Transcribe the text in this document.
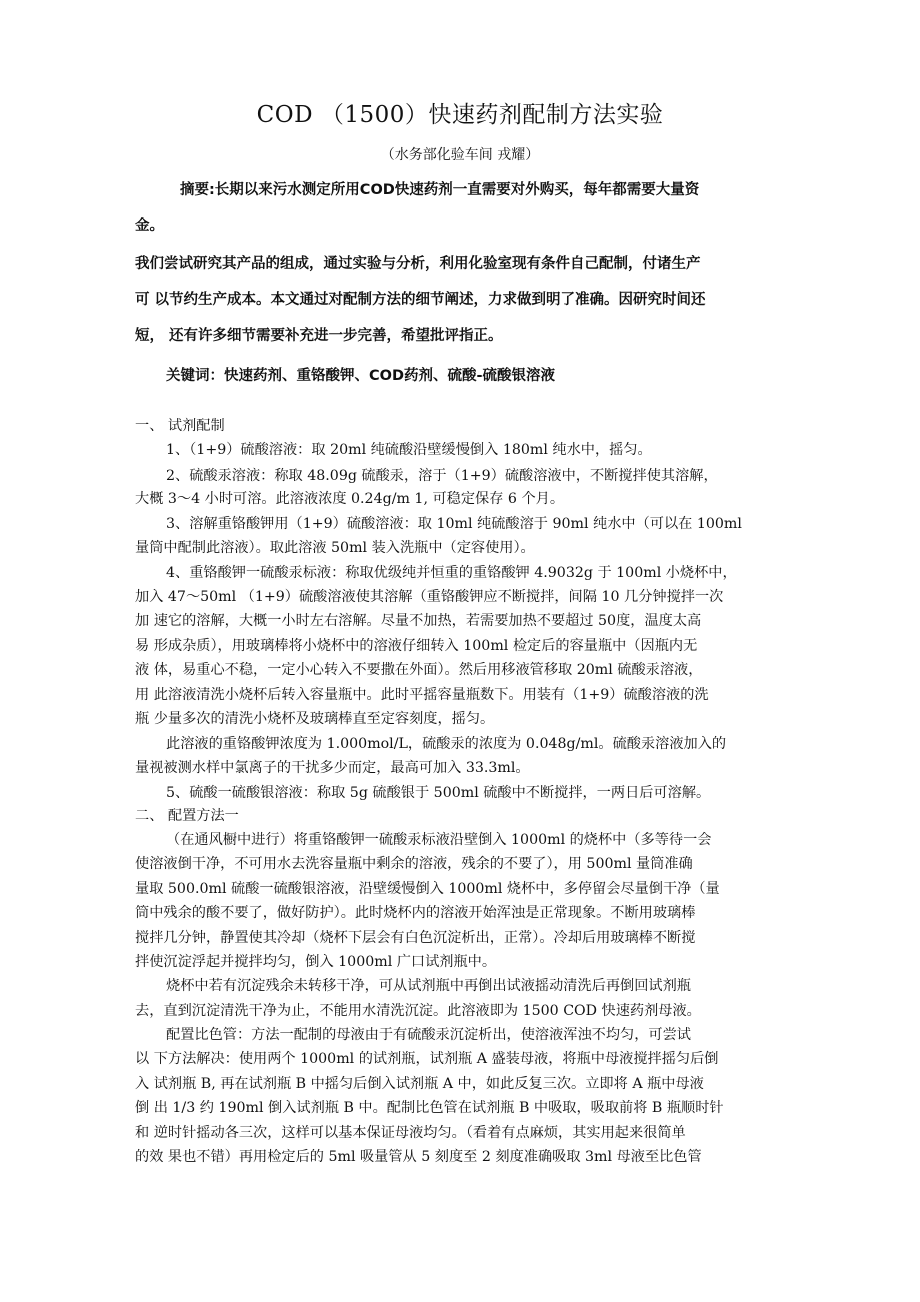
COD （1500）快速药剂配制方法实验
（水务部化验车间 戎耀）
摘要:长期以来污水测定所用COD快速药剂一直需要对外购买，每年都需要大量资
金。
我们尝试研究其产品的组成，通过实验与分析，利用化验室现有条件自己配制，付诸生产
可 以节约生产成本。本文通过对配制方法的细节阐述，力求做到明了准确。因研究时间还
短， 还有许多细节需要补充进一步完善，希望批评指正。
关键词：快速药剂、重铬酸钾、COD药剂、硫酸-硫酸银溶液
一、 试剂配制
1、（1+9）硫酸溶液：取 20ml 纯硫酸沿壁缓慢倒入 180ml 纯水中，摇匀。
2、硫酸汞溶液：称取 48.09g 硫酸汞，溶于（1+9）硫酸溶液中，不断搅拌使其溶解，
大概 3〜4 小时可溶。此溶液浓度 0.24g/m 1, 可稳定保存 6 个月。
3、溶解重铬酸钾用（1+9）硫酸溶液：取 10ml 纯硫酸溶于 90ml 纯水中（可以在 100ml
量筒中配制此溶液）。取此溶液 50ml 装入洗瓶中（定容使用）。
4、重铬酸钾一硫酸汞标液：称取优级纯并恒重的重铬酸钾 4.9032g 于 100ml 小烧杯中，
加入 47〜50ml （1+9）硫酸溶液使其溶解（重铬酸钾应不断搅拌，间隔 10 几分钟搅拌一次
加 速它的溶解，大概一小时左右溶解。尽量不加热，若需要加热不要超过 50度，温度太高
易 形成杂质），用玻璃棒将小烧杯中的溶液仔细转入 100ml 检定后的容量瓶中（因瓶内无
液 体，易重心不稳，一定小心转入不要撒在外面）。然后用移液管移取 20ml 硫酸汞溶液，
用 此溶液清洗小烧杯后转入容量瓶中。此时平摇容量瓶数下。用装有（1+9）硫酸溶液的洗
瓶 少量多次的清洗小烧杯及玻璃棒直至定容刻度，摇匀。
此溶液的重铬酸钾浓度为 1.000mol/L，硫酸汞的浓度为 0.048g/ml。硫酸汞溶液加入的
量视被测水样中氯离子的干扰多少而定，最高可加入 33.3ml。
5、硫酸一硫酸银溶液：称取 5g 硫酸银于 500ml 硫酸中不断搅拌，一两日后可溶解。
二、 配置方法一
（在通风橱中进行）将重铬酸钾一硫酸汞标液沿壁倒入 1000ml 的烧杯中（多等待一会
使溶液倒干净，不可用水去洗容量瓶中剩余的溶液，残余的不要了），用 500ml 量筒准确
量取 500.0ml 硫酸一硫酸银溶液，沿壁缓慢倒入 1000ml 烧杯中，多停留会尽量倒干净（量
筒中残余的酸不要了，做好防护）。此时烧杯内的溶液开始浑浊是正常现象。不断用玻璃棒
搅拌几分钟，静置使其冷却（烧杯下层会有白色沉淀析出，正常）。冷却后用玻璃棒不断搅
拌使沉淀浮起并搅拌均匀，倒入 1000ml 广口试剂瓶中。
烧杯中若有沉淀残余未转移干净，可从试剂瓶中再倒出试液摇动清洗后再倒回试剂瓶
去，直到沉淀清洗干净为止，不能用水清洗沉淀。此溶液即为 1500 COD 快速药剂母液。
配置比色管：方法一配制的母液由于有硫酸汞沉淀析出，使溶液浑浊不均匀，可尝试
以 下方法解决：使用两个 1000ml 的试剂瓶，试剂瓶 A 盛装母液，将瓶中母液搅拌摇匀后倒
入 试剂瓶 B, 再在试剂瓶 B 中摇匀后倒入试剂瓶 A 中，如此反复三次。立即将 A 瓶中母液
倒 出 1/3 约 190ml 倒入试剂瓶 B 中。配制比色管在试剂瓶 B 中吸取，吸取前将 B 瓶顺时针
和 逆时针摇动各三次，这样可以基本保证母液均匀。（看着有点麻烦，其实用起来很简单
的效 果也不错）再用检定后的 5ml 吸量管从 5 刻度至 2 刻度准确吸取 3ml 母液至比色管
